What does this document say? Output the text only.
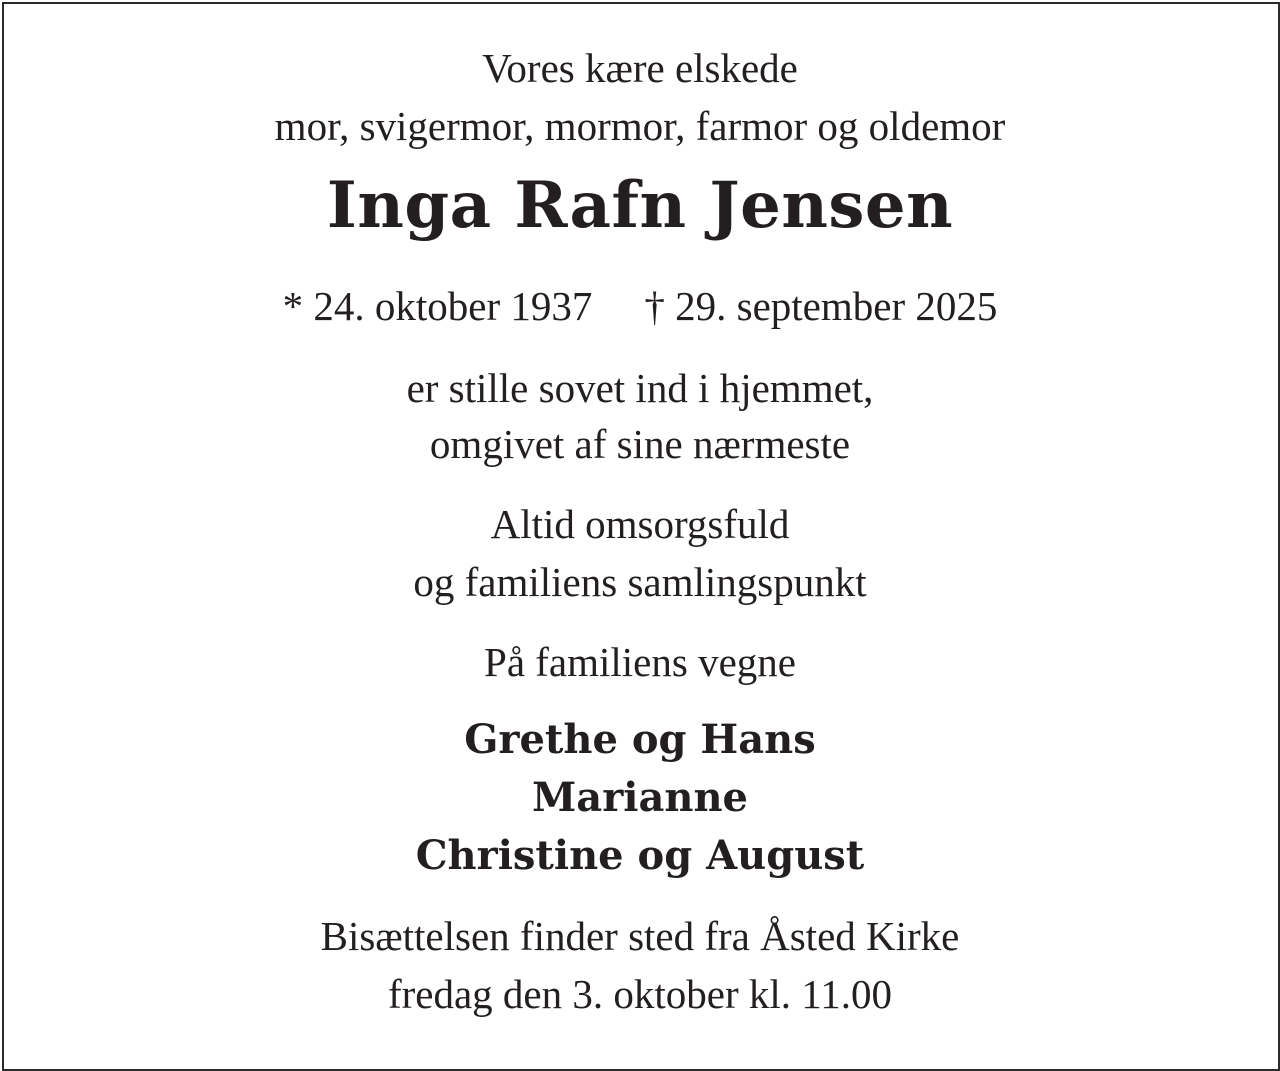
Vores kære elskede
mor, svigermor, mormor, farmor og oldemor
Inga Rafn Jensen
* 24. oktober 1937 † 29. september 2025
er stille sovet ind i hjemmet,
omgivet af sine nærmeste
Altid omsorgsfuld
og familiens samlingspunkt
På familiens vegne
Grethe og Hans
Marianne
Christine og August
Bisættelsen finder sted fra Åsted Kirke
fredag den 3. oktober kl. 11.00
